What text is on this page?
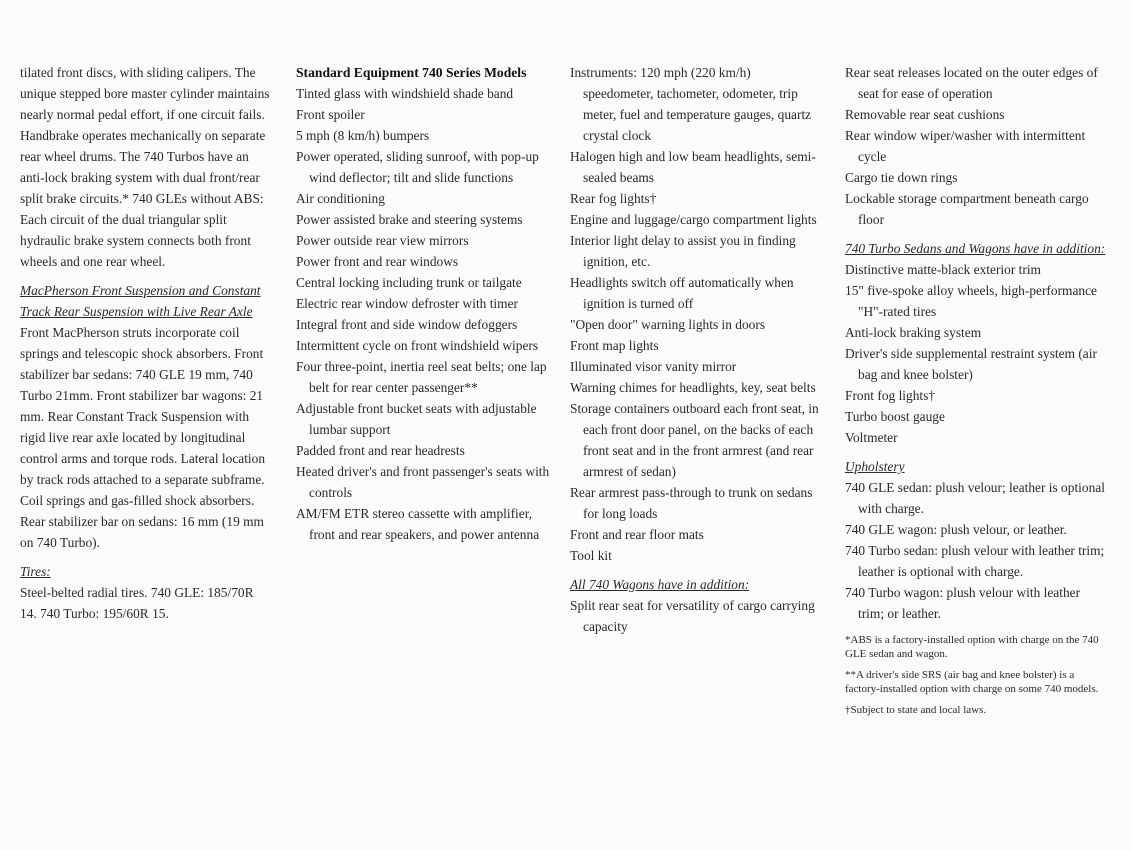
tilated front discs, with sliding calipers. The unique stepped bore master cylinder maintains nearly normal pedal effort, if one circuit fails. Handbrake operates mechanically on separate rear wheel drums. The 740 Turbos have an anti-lock braking system with dual front/rear split brake circuits.* 740 GLEs without ABS: Each circuit of the dual triangular split hydraulic brake system connects both front wheels and one rear wheel.

MacPherson Front Suspension and Constant Track Rear Suspension with Live Rear Axle

Front MacPherson struts incorporate coil springs and telescopic shock absorbers. Front stabilizer bar sedans: 740 GLE 19 mm, 740 Turbo 21mm. Front stabilizer bar wagons: 21 mm. Rear Constant Track Suspension with rigid live rear axle located by longitudinal control arms and torque rods. Lateral location by track rods attached to a separate subframe. Coil springs and gas-filled shock absorbers. Rear stabilizer bar on sedans: 16 mm (19 mm on 740 Turbo).

Tires:

Steel-belted radial tires. 740 GLE: 185/70R 14. 740 Turbo: 195/60R 15.

Standard Equipment 740 Series Models

Tinted glass with windshield shade band

Front spoiler

5 mph (8 km/h) bumpers

Power operated, sliding sunroof, with pop-up wind deflector; tilt and slide functions

Air conditioning

Power assisted brake and steering systems

Power outside rear view mirrors

Power front and rear windows

Central locking including trunk or tailgate

Electric rear window defroster with timer

Integral front and side window defoggers

Intermittent cycle on front windshield wipers

Four three-point, inertia reel seat belts; one lap belt for rear center passenger**

Adjustable front bucket seats with adjustable lumbar support

Padded front and rear headrests

Heated driver's and front passenger's seats with controls

AM/FM ETR stereo cassette with amplifier, front and rear speakers, and power antenna

Instruments: 120 mph (220 km/h) speedometer, tachometer, odometer, trip meter, fuel and temperature gauges, quartz crystal clock

Halogen high and low beam headlights, semi-sealed beams

Rear fog lights†

Engine and luggage/cargo compartment lights

Interior light delay to assist you in finding ignition, etc.

Headlights switch off automatically when ignition is turned off

"Open door" warning lights in doors

Front map lights

Illuminated visor vanity mirror

Warning chimes for headlights, key, seat belts

Storage containers outboard each front seat, in each front door panel, on the backs of each front seat and in the front armrest (and rear armrest of sedan)

Rear armrest pass-through to trunk on sedans for long loads

Front and rear floor mats

Tool kit

All 740 Wagons have in addition:

Split rear seat for versatility of cargo carrying capacity

Rear seat releases located on the outer edges of seat for ease of operation

Removable rear seat cushions

Rear window wiper/washer with intermittent cycle

Cargo tie down rings

Lockable storage compartment beneath cargo floor

740 Turbo Sedans and Wagons have in addition:

Distinctive matte-black exterior trim

15" five-spoke alloy wheels, high-performance "H"-rated tires

Anti-lock braking system

Driver's side supplemental restraint system (air bag and knee bolster)

Front fog lights†

Turbo boost gauge

Voltmeter

Upholstery

740 GLE sedan: plush velour; leather is optional with charge.

740 GLE wagon: plush velour, or leather.

740 Turbo sedan: plush velour with leather trim; leather is optional with charge.

740 Turbo wagon: plush velour with leather trim; or leather.

*ABS is a factory-installed option with charge on the 740 GLE sedan and wagon.

**A driver's side SRS (air bag and knee bolster) is a factory-installed option with charge on some 740 models.

†Subject to state and local laws.
